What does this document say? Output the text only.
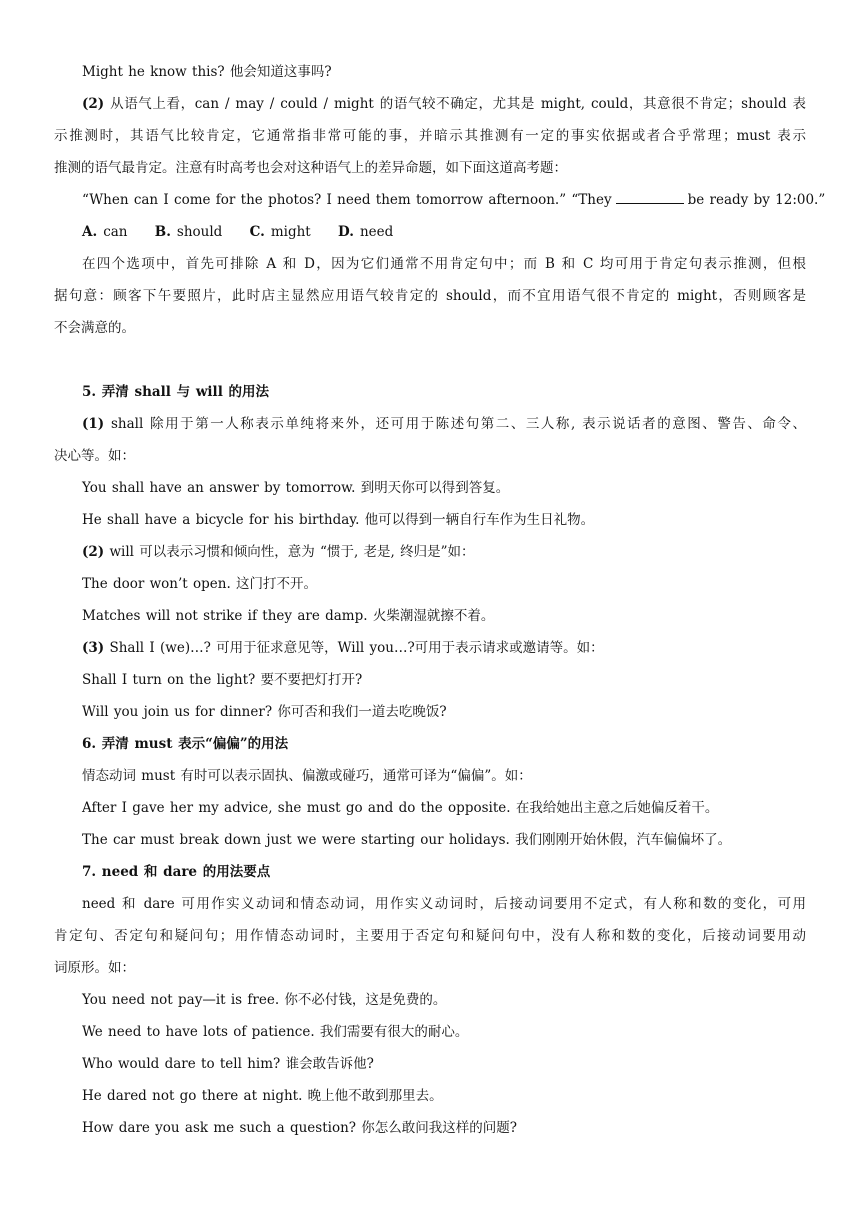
Might he know this? 他会知道这事吗?
(2) 从语气上看，can / may / could / might 的语气较不确定，尤其是 might, could，其意很不肯定；should 表
示推测时，其语气比较肯定，它通常指非常可能的事，并暗示其推测有一定的事实依据或者合乎常理；must 表示
推测的语气最肯定。注意有时高考也会对这种语气上的差异命题，如下面这道高考题：
“When can I come for the photos? I need them tomorrow afternoon.” “They	be ready by 12:00.”
A. can B. should C. might D. need
在四个选项中，首先可排除 A 和 D，因为它们通常不用肯定句中；而 B 和 C 均可用于肯定句表示推测，但根
据句意：顾客下午要照片，此时店主显然应用语气较肯定的 should，而不宜用语气很不肯定的 might，否则顾客是
不会满意的。
5. 弄清 shall 与 will 的用法
(1) shall 除用于第一人称表示单纯将来外，还可用于陈述句第二、三人称, 表示说话者的意图、警告、命令、
决心等。如：
You shall have an answer by tomorrow. 到明天你可以得到答复。
He shall have a bicycle for his birthday. 他可以得到一辆自行车作为生日礼物。
(2) will 可以表示习惯和倾向性，意为 “惯于, 老是, 终归是”如：
The door won’t open. 这门打不开。
Matches will not strike if they are damp. 火柴潮湿就擦不着。
(3) Shall I (we)…? 可用于征求意见等，Will you…?可用于表示请求或邀请等。如：
Shall I turn on the light? 要不要把灯打开?
Will you join us for dinner? 你可否和我们一道去吃晚饭?
6. 弄清 must 表示“偏偏”的用法
情态动词 must 有时可以表示固执、偏激或碰巧，通常可译为“偏偏”。如：
After I gave her my advice, she must go and do the opposite. 在我给她出主意之后她偏反着干。
The car must break down just we were starting our holidays. 我们刚刚开始休假，汽车偏偏坏了。
7. need 和 dare 的用法要点
need 和 dare 可用作实义动词和情态动词，用作实义动词时，后接动词要用不定式，有人称和数的变化，可用
肯定句、否定句和疑问句；用作情态动词时，主要用于否定句和疑问句中，没有人称和数的变化，后接动词要用动
词原形。如：
You need not pay—it is free. 你不必付钱，这是免费的。
We need to have lots of patience. 我们需要有很大的耐心。
Who would dare to tell him? 谁会敢告诉他?
He dared not go there at night. 晚上他不敢到那里去。
How dare you ask me such a question? 你怎么敢问我这样的问题?
